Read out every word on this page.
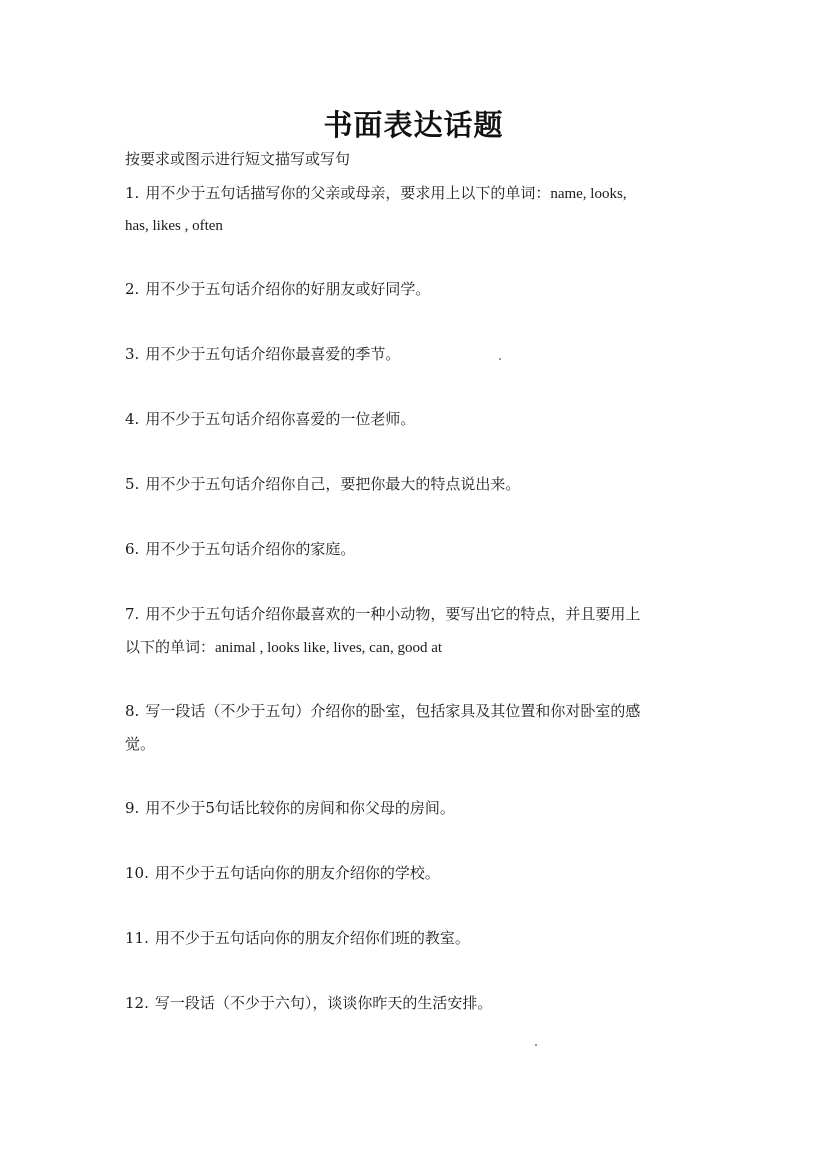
书面表达话题
按要求或图示进行短文描写或写句
1. 用不少于五句话描写你的父亲或母亲，要求用上以下的单词：name, looks,
has, likes , often
2. 用不少于五句话介绍你的好朋友或好同学。
3. 用不少于五句话介绍你最喜爱的季节。
4. 用不少于五句话介绍你喜爱的一位老师。
5. 用不少于五句话介绍你自己，要把你最大的特点说出来。
6. 用不少于五句话介绍你的家庭。
7. 用不少于五句话介绍你最喜欢的一种小动物，要写出它的特点，并且要用上
以下的单词：animal , looks like, lives, can, good at
8. 写一段话（不少于五句）介绍你的卧室，包括家具及其位置和你对卧室的感
觉。
9. 用不少于5句话比较你的房间和你父母的房间。
10. 用不少于五句话向你的朋友介绍你的学校。
11. 用不少于五句话向你的朋友介绍你们班的教室。
12. 写一段话（不少于六句），谈谈你昨天的生活安排。
